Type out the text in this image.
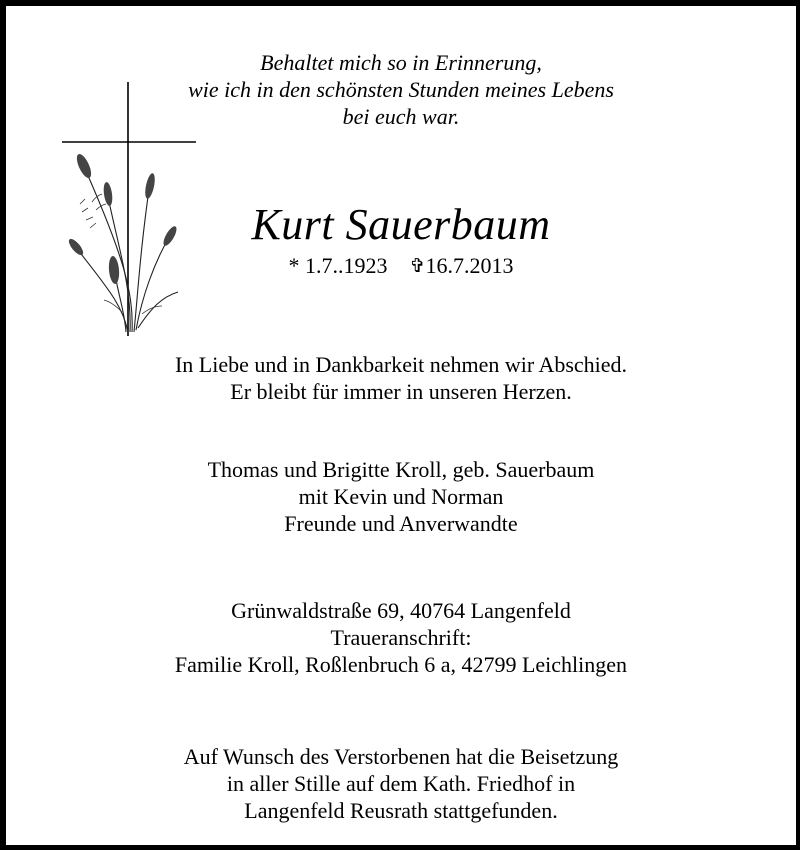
Behaltet mich so in Erinnerung,
wie ich in den schönsten Stunden meines Lebens
bei euch war.
Kurt Sauerbaum
* 1.7..1923 ✞16.7.2013
In Liebe und in Dankbarkeit nehmen wir Abschied.
Er bleibt für immer in unseren Herzen.
Thomas und Brigitte Kroll, geb. Sauerbaum
mit Kevin und Norman
Freunde und Anverwandte
Grünwaldstraße 69, 40764 Langenfeld
Traueranschrift:
Familie Kroll, Roßlenbruch 6 a, 42799 Leichlingen
Auf Wunsch des Verstorbenen hat die Beisetzung
in aller Stille auf dem Kath. Friedhof in
Langenfeld Reusrath stattgefunden.
